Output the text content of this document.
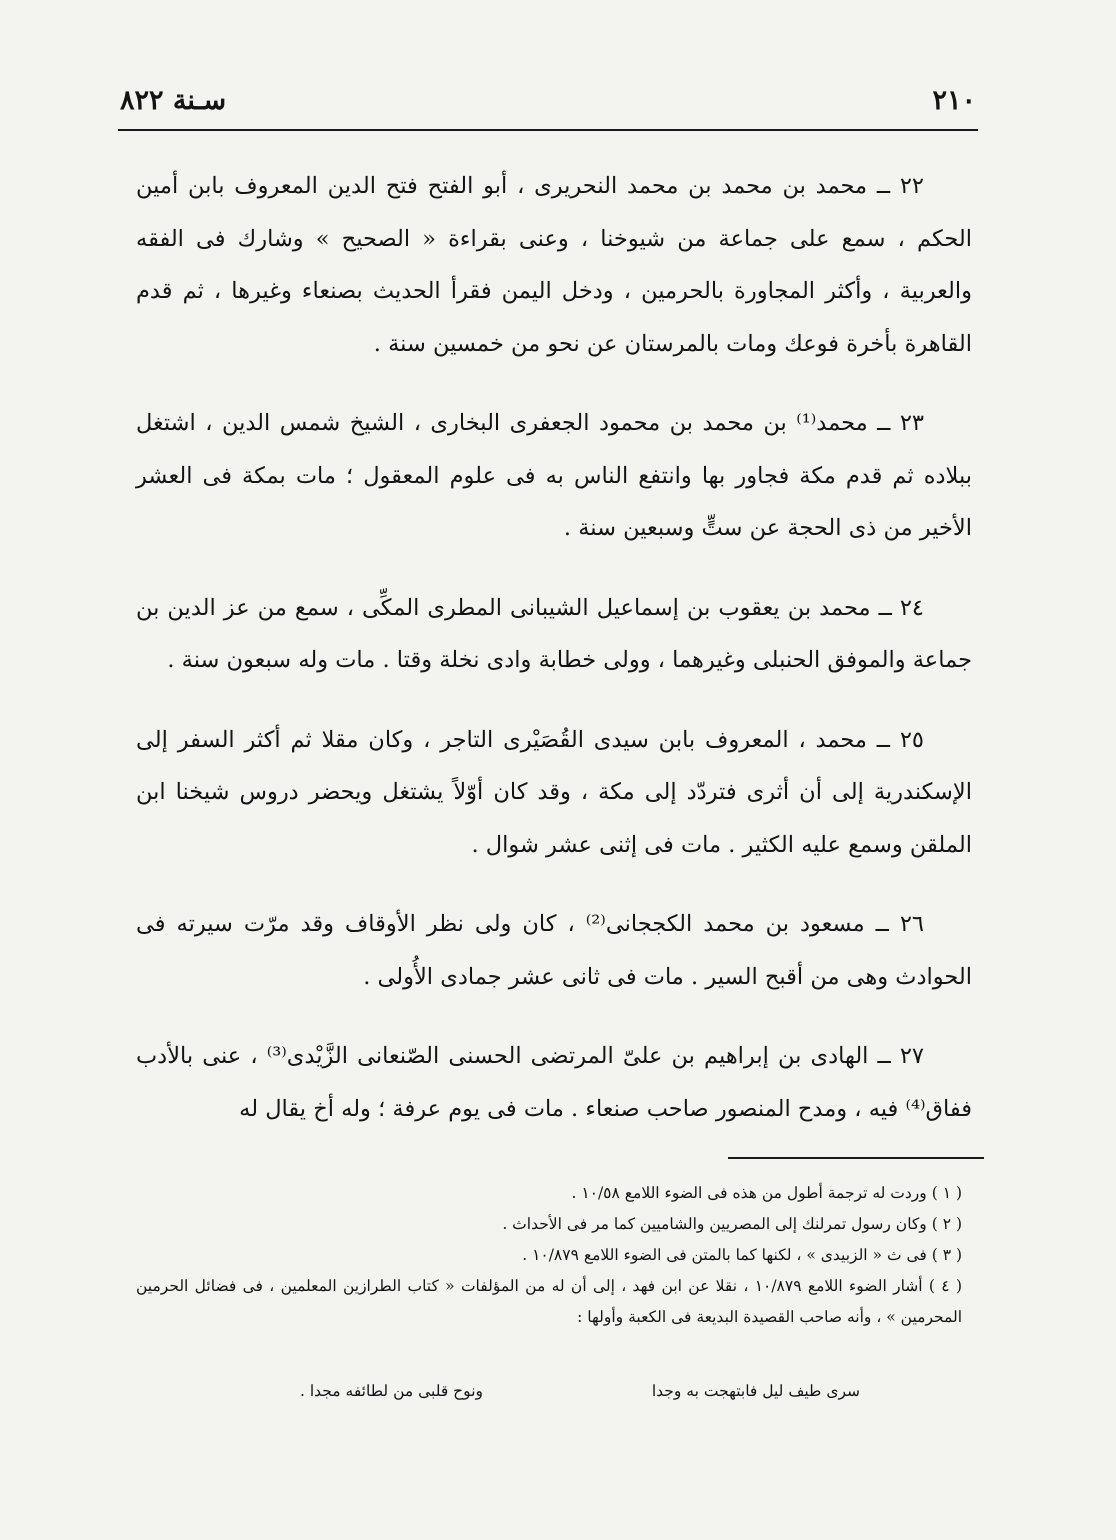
سـنة ٨٢٢	٢١٠

٢٢ ــ محمد بن محمد بن محمد النحريرى ، أبو الفتح فتح الدين المعروف بابن أمين الحكم ، سمع على جماعة من شيوخنا ، وعنى بقراءة « الصحيح » وشارك فى الفقه والعربية ، وأكثر المجاورة بالحرمين ، ودخل اليمن فقرأ الحديث بصنعاء وغيرها ، ثم قدم القاهرة بأخرة فوعك ومات بالمرستان عن نحو من خمسين سنة .

٢٣ ــ محمد⁽¹⁾ بن محمد بن محمود الجعفرى البخارى ، الشيخ شمس الدين ، اشتغل ببلاده ثم قدم مكة فجاور بها وانتفع الناس به فى علوم المعقول ؛ مات بمكة فى العشر الأخير من ذى الحجة عن ستٍّ وسبعين سنة .

٢٤ ــ محمد بن يعقوب بن إسماعيل الشيبانى المطرى المكِّى ، سمع من عز الدين بن جماعة والموفق الحنبلى وغيرهما ، وولى خطابة وادى نخلة وقتا . مات وله سبعون سنة .

٢٥ ــ محمد ، المعروف بابن سيدى القُصَيْرى التاجر ، وكان مقلا ثم أكثر السفر إلى الإسكندرية إلى أن أثرى فتردّد إلى مكة ، وقد كان أوّلاً يشتغل ويحضر دروس شيخنا ابن الملقن وسمع عليه الكثير . مات فى إثنى عشر شوال .

٢٦ ــ مسعود بن محمد الكججانى⁽²⁾ ، كان ولى نظر الأوقاف وقد مرّت سيرته فى الحوادث وهى من أقبح السير . مات فى ثانى عشر جمادى الأُولى .

٢٧ ــ الهادى بن إبراهيم بن علىّ المرتضى الحسنى الصّنعانى الزَّيْدى⁽³⁾ ، عنى بالأدب ففاق⁽⁴⁾ فيه ، ومدح المنصور صاحب صنعاء . مات فى يوم عرفة ؛ وله أخ يقال له

( ١ ) وردت له ترجمة أطول من هذه فى الضوء اللامع ١٠/٥٨ .

( ٢ ) وكان رسول تمرلنك إلى المصريين والشاميين كما مر فى الأحداث .

( ٣ ) فى ث « الزبيدى » ، لكنها كما بالمتن فى الضوء اللامع ١٠/٨٧٩ .

( ٤ ) أشار الضوء اللامع ١٠/٨٧٩ ، نقلا عن ابن فهد ، إلى أن له من المؤلفات « كتاب الطرازين المعلمين ، فى فضائل الحرمين المحرمين » ، وأنه صاحب القصيدة البديعة فى الكعبة وأولها :

سرى طيف ليل فابتهجت به وجدا
ونوح قلبى من لطائفه مجدا .
